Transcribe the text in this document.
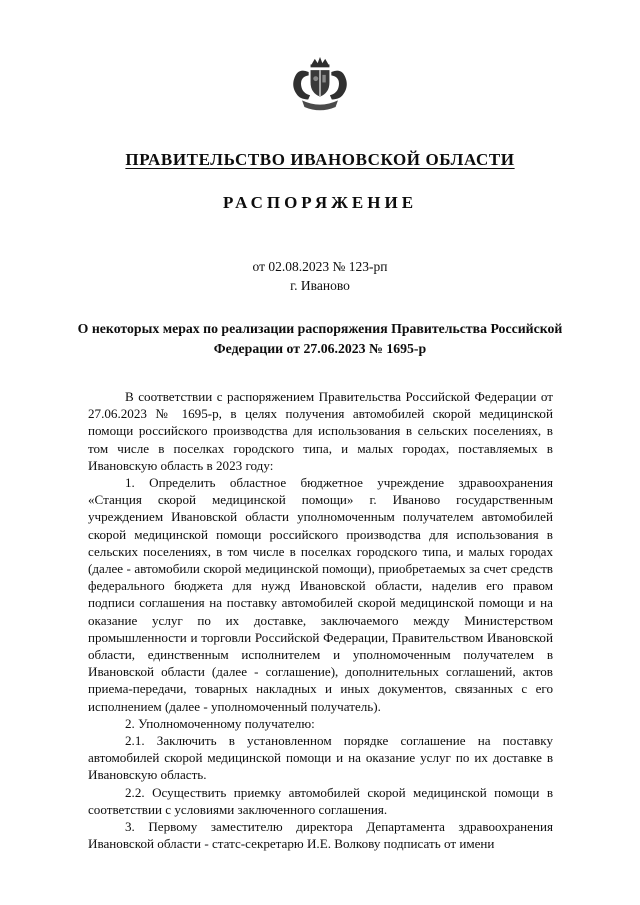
ПРАВИТЕЛЬСТВО ИВАНОВСКОЙ ОБЛАСТИ
РАСПОРЯЖЕНИЕ
от 02.08.2023 № 123-рп
г. Иваново
О некоторых мерах по реализации распоряжения Правительства Российской Федерации от 27.06.2023 № 1695-р

В соответствии с распоряжением Правительства Российской Федерации от 27.06.2023 № 1695-р, в целях получения автомобилей скорой медицинской помощи российского производства для использования в сельских поселениях, в том числе в поселках городского типа, и малых городах, поставляемых в Ивановскую область в 2023 году:

1. Определить областное бюджетное учреждение здравоохранения «Станция скорой медицинской помощи» г. Иваново государственным учреждением Ивановской области уполномоченным получателем автомобилей скорой медицинской помощи российского производства для использования в сельских поселениях, в том числе в поселках городского типа, и малых городах (далее - автомобили скорой медицинской помощи), приобретаемых за счет средств федерального бюджета для нужд Ивановской области, наделив его правом подписи соглашения на поставку автомобилей скорой медицинской помощи и на оказание услуг по их доставке, заключаемого между Министерством промышленности и торговли Российской Федерации, Правительством Ивановской области, единственным исполнителем и уполномоченным получателем в Ивановской области (далее - соглашение), дополнительных соглашений, актов приема-передачи, товарных накладных и иных документов, связанных с его исполнением (далее - уполномоченный получатель).

2. Уполномоченному получателю:

2.1. Заключить в установленном порядке соглашение на поставку автомобилей скорой медицинской помощи и на оказание услуг по их доставке в Ивановскую область.

2.2. Осуществить приемку автомобилей скорой медицинской помощи в соответствии с условиями заключенного соглашения.

3. Первому заместителю директора Департамента здравоохранения Ивановской области - статс-секретарю И.Е. Волкову подписать от имени
